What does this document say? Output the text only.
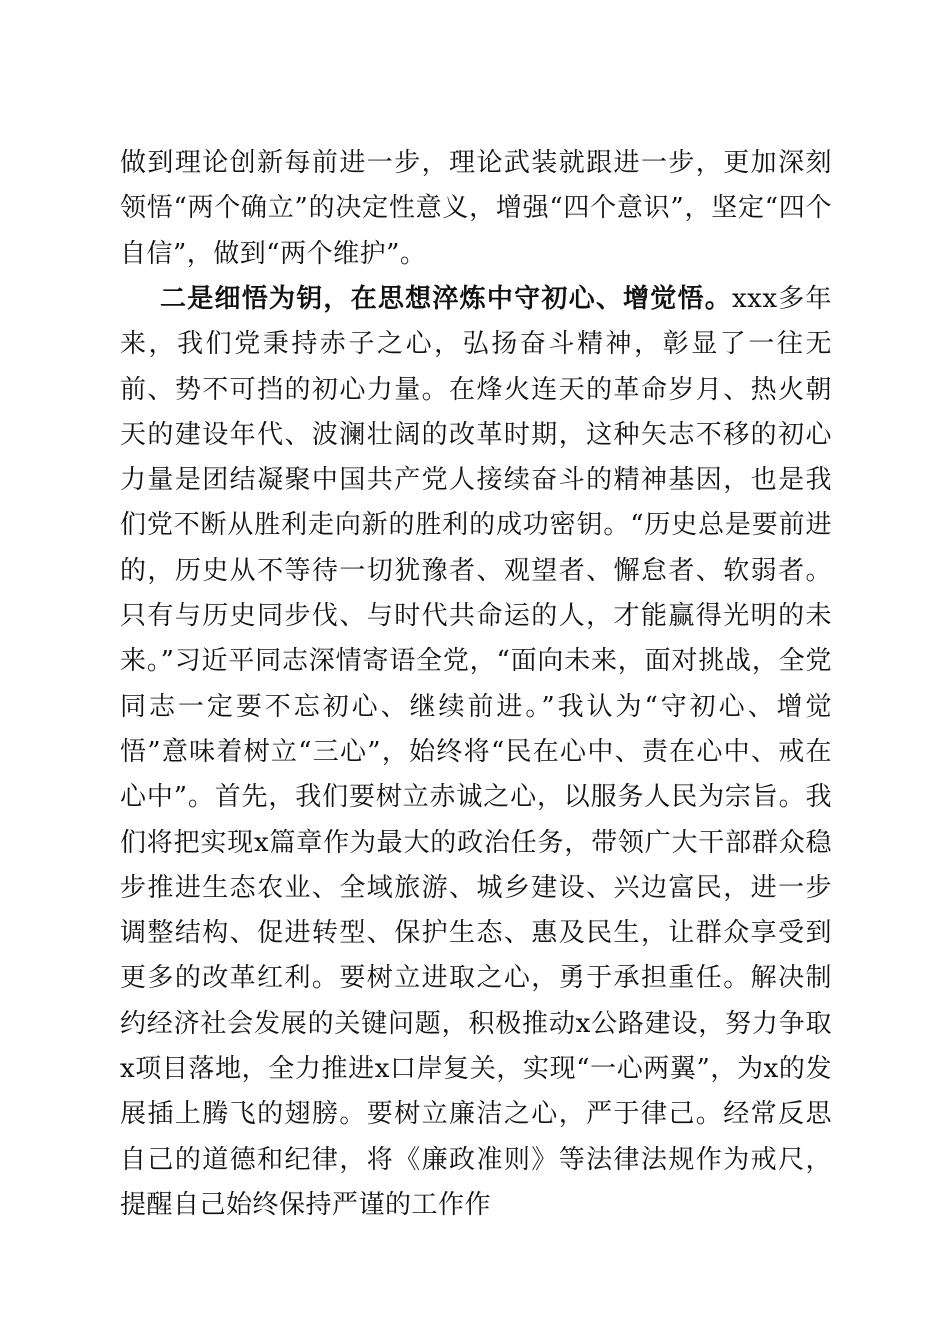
做到理论创新每前进一步，理论武装就跟进一步，更加深刻领悟“两个确立”的决定性意义，增强“四个意识”，坚定“四个自信”，做到“两个维护”。

二是细悟为钥，在思想淬炼中守初心、增觉悟。xxx多年来，我们党秉持赤子之心，弘扬奋斗精神，彰显了一往无前、势不可挡的初心力量。在烽火连天的革命岁月、热火朝天的建设年代、波澜壮阔的改革时期，这种矢志不移的初心力量是团结凝聚中国共产党人接续奋斗的精神基因，也是我们党不断从胜利走向新的胜利的成功密钥。“历史总是要前进的，历史从不等待一切犹豫者、观望者、懈怠者、软弱者。只有与历史同步伐、与时代共命运的人，才能赢得光明的未来。”习近平同志深情寄语全党，“面向未来，面对挑战，全党同志一定要不忘初心、继续前进。”我认为“守初心、增觉悟”意味着树立“三心”，始终将“民在心中、责在心中、戒在心中”。首先，我们要树立赤诚之心，以服务人民为宗旨。我们将把实现x篇章作为最大的政治任务，带领广大干部群众稳步推进生态农业、全域旅游、城乡建设、兴边富民，进一步调整结构、促进转型、保护生态、惠及民生，让群众享受到更多的改革红利。要树立进取之心，勇于承担重任。解决制约经济社会发展的关键问题，积极推动x公路建设，努力争取x项目落地，全力推进x口岸复关，实现“一心两翼”，为x的发展插上腾飞的翅膀。要树立廉洁之心，严于律己。经常反思自己的道德和纪律，将《廉政准则》等法律法规作为戒尺，提醒自己始终保持严谨的工作作
